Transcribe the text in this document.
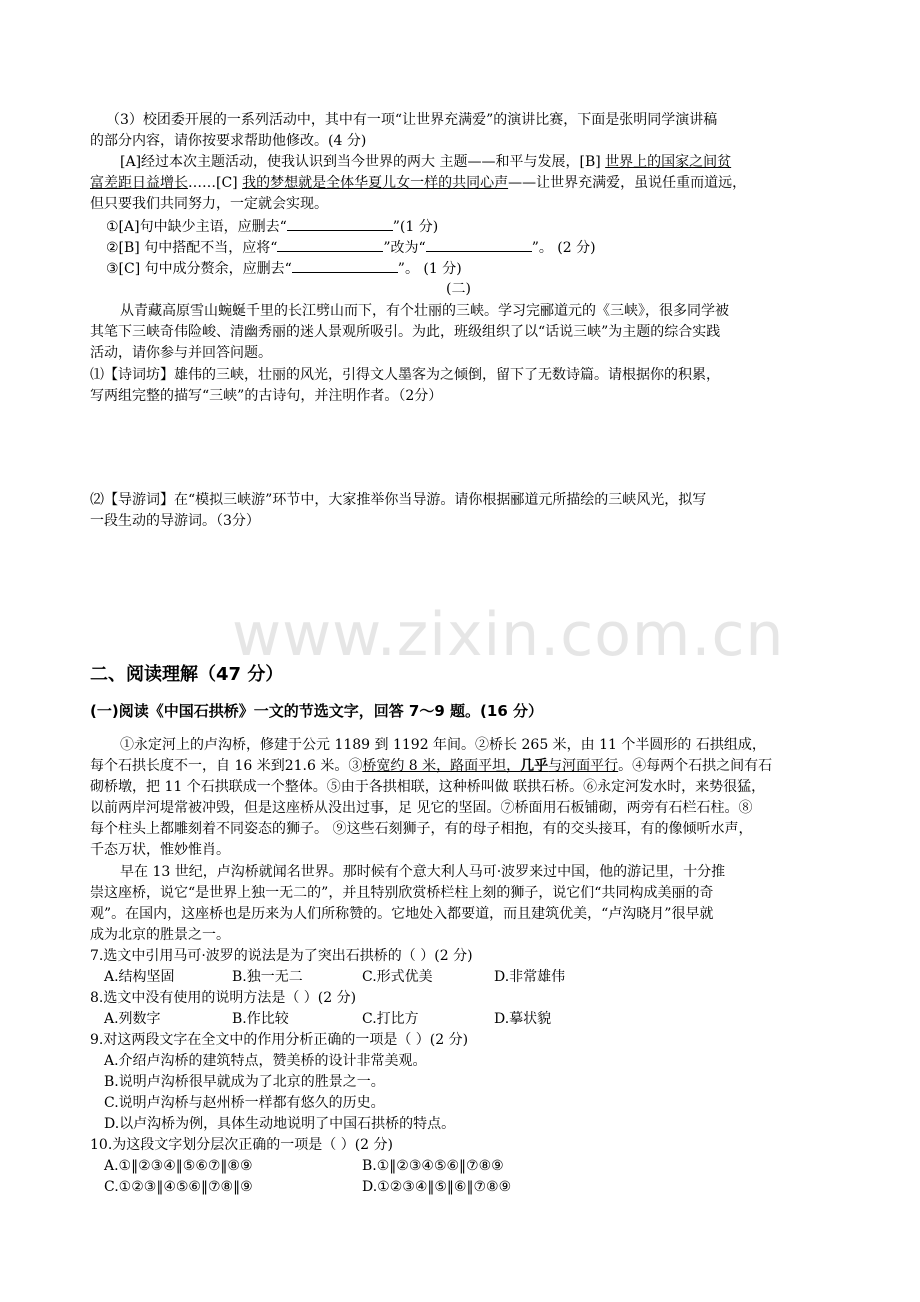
（3）校团委开展的一系列活动中，其中有一项“让世界充满爱”的演讲比赛，下面是张明同学演讲稿
的部分内容，请你按要求帮助他修改。(4 分)
[A]经过本次主题活动，使我认识到当今世界的两大 主题——和平与发展，[B] 世界上的国家之间贫
富差距日益增长……[C] 我的梦想就是全体华夏儿女一样的共同心声——让世界充满爱，虽说任重而道远，
但只要我们共同努力，一定就会实现。
①[A]句中缺少主语，应删去“	”(1 分)
②[B] 句中搭配不当，应将“	”改为“	”。 (2 分)
③[C] 句中成分赘余，应删去“	”。 (1 分)
(二)
从青藏高原雪山蜿蜒千里的长江劈山而下，有个壮丽的三峡。学习完郦道元的《三峡》，很多同学被
其笔下三峡奇伟险峻、清幽秀丽的迷人景观所吸引。为此，班级组织了以“话说三峡”为主题的综合实践
活动，请你参与并回答问题。
⑴【诗词坊】雄伟的三峡，壮丽的风光，引得文人墨客为之倾倒，留下了无数诗篇。请根据你的积累，
写两组完整的描写“三峡”的古诗句，并注明作者。（2分）
⑵【导游词】在“模拟三峡游”环节中，大家推举你当导游。请你根据郦道元所描绘的三峡风光，拟写
一段生动的导游词。（3分）
www.zixin.com.cn
二、阅读理解（47 分）
(一)阅读《中国石拱桥》一文的节选文字，回答 7～9 题。(16 分）
①永定河上的卢沟桥，修建于公元 1189 到 1192 年间。②桥长 265 米，由 11 个半圆形的 石拱组成，
每个石拱长度不一，自 16 米到21.6 米。③桥宽约 8 米，路面平坦，几乎与河面平行。④每两个石拱之间有石
砌桥墩，把 11 个石拱联成一个整体。⑤由于各拱相联，这种桥叫做 联拱石桥。⑥永定河发水时，来势很猛，
以前两岸河堤常被冲毁，但是这座桥从没出过事，足 见它的坚固。⑦桥面用石板铺砌，两旁有石栏石柱。⑧
每个柱头上都雕刻着不同姿态的狮子。 ⑨这些石刻狮子，有的母子相抱，有的交头接耳，有的像倾听水声，
千态万状，惟妙惟肖。
早在 13 世纪，卢沟桥就闻名世界。那时候有个意大利人马可·波罗来过中国，他的游记里，十分推
崇这座桥，说它“是世界上独一无二的”，并且特别欣赏桥栏柱上刻的狮子，说它们“共同构成美丽的奇
观”。在国内，这座桥也是历来为人们所称赞的。它地处入都要道，而且建筑优美，“卢沟晓月”很早就
成为北京的胜景之一。
7.选文中引用马可·波罗的说法是为了突出石拱桥的（ ）(2 分)
A.结构坚固	B.独一无二	C.形式优美	D.非常雄伟
8.选文中没有使用的说明方法是（ ）(2 分)
A.列数字	B.作比较	C.打比方	D.摹状貌
9.对这两段文字在全文中的作用分析正确的一项是（ ）(2 分)
A.介绍卢沟桥的建筑特点，赞美桥的设计非常美观。
B.说明卢沟桥很早就成为了北京的胜景之一。
C.说明卢沟桥与赵州桥一样都有悠久的历史。
D.以卢沟桥为例，具体生动地说明了中国石拱桥的特点。
10.为这段文字划分层次正确的一项是（ ）(2 分)
A.①‖②③④‖⑤⑥⑦‖⑧⑨	B.①‖②③④⑤⑥‖⑦⑧⑨
C.①②③‖④⑤⑥‖⑦⑧‖⑨	D.①②③④‖⑤‖⑥‖⑦⑧⑨
